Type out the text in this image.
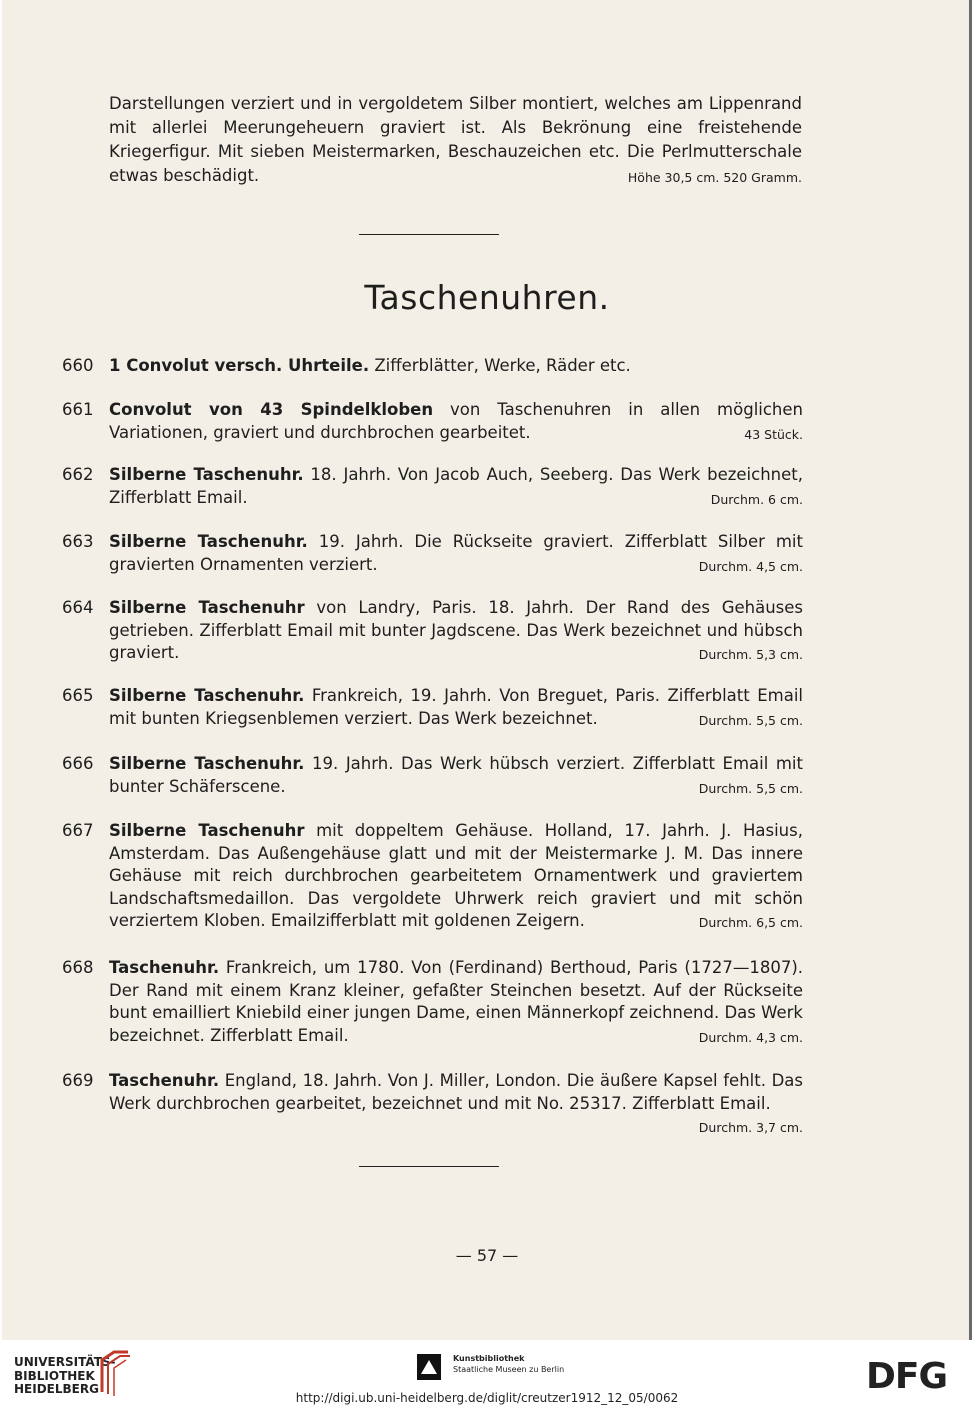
Darstellungen verziert und in vergoldetem Silber montiert, welches am Lippenrand mit allerlei Meerungeheuern graviert ist. Als Bekrönung eine freistehende Kriegerfigur. Mit sieben Meistermarken, Beschauzeichen etc. Die Perlmutterschale etwas beschädigt.	Höhe 30,5 cm. 520 Gramm.
Taschenuhren.
660 1 Convolut versch. Uhrteile. Zifferblätter, Werke, Räder etc.
661 Convolut von 43 Spindelkloben von Taschenuhren in allen möglichen Variationen, graviert und durchbrochen gearbeitet.	43 Stück.
662 Silberne Taschenuhr. 18. Jahrh. Von Jacob Auch, Seeberg. Das Werk bezeichnet, Zifferblatt Email.	Durchm. 6 cm.
663 Silberne Taschenuhr. 19. Jahrh. Die Rückseite graviert. Zifferblatt Silber mit gravierten Ornamenten verziert.	Durchm. 4,5 cm.
664 Silberne Taschenuhr von Landry, Paris. 18. Jahrh. Der Rand des Gehäuses getrieben. Zifferblatt Email mit bunter Jagdscene. Das Werk bezeichnet und hübsch graviert.	Durchm. 5,3 cm.
665 Silberne Taschenuhr. Frankreich, 19. Jahrh. Von Breguet, Paris. Zifferblatt Email mit bunten Kriegsenblemen verziert. Das Werk bezeichnet.	Durchm. 5,5 cm.
666 Silberne Taschenuhr. 19. Jahrh. Das Werk hübsch verziert. Zifferblatt Email mit bunter Schäferscene.	Durchm. 5,5 cm.
667 Silberne Taschenuhr mit doppeltem Gehäuse. Holland, 17. Jahrh. J. Hasius, Amsterdam. Das Außengehäuse glatt und mit der Meistermarke J. M. Das innere Gehäuse mit reich durchbrochen gearbeitetem Ornamentwerk und graviertem Landschaftsmedaillon. Das vergoldete Uhrwerk reich graviert und mit schön verziertem Kloben. Emailzifferblatt mit goldenen Zeigern.	Durchm. 6,5 cm.
668 Taschenuhr. Frankreich, um 1780. Von (Ferdinand) Berthoud, Paris (1727—1807). Der Rand mit einem Kranz kleiner, gefaßter Steinchen besetzt. Auf der Rückseite bunt emailliert Kniebild einer jungen Dame, einen Männerkopf zeichnend. Das Werk bezeichnet. Zifferblatt Email.	Durchm. 4,3 cm.
669 Taschenuhr. England, 18. Jahrh. Von J. Miller, London. Die äußere Kapsel fehlt. Das Werk durchbrochen gearbeitet, bezeichnet und mit No. 25317. Zifferblatt Email.
Durchm. 3,7 cm.
— 57 —
UNIVERSITÄTS-
BIBLIOTHEK
HEIDELBERG
Kunstbibliothek
Staatliche Museen zu Berlin	DFG
http://digi.ub.uni-heidelberg.de/diglit/creutzer1912_12_05/0062
